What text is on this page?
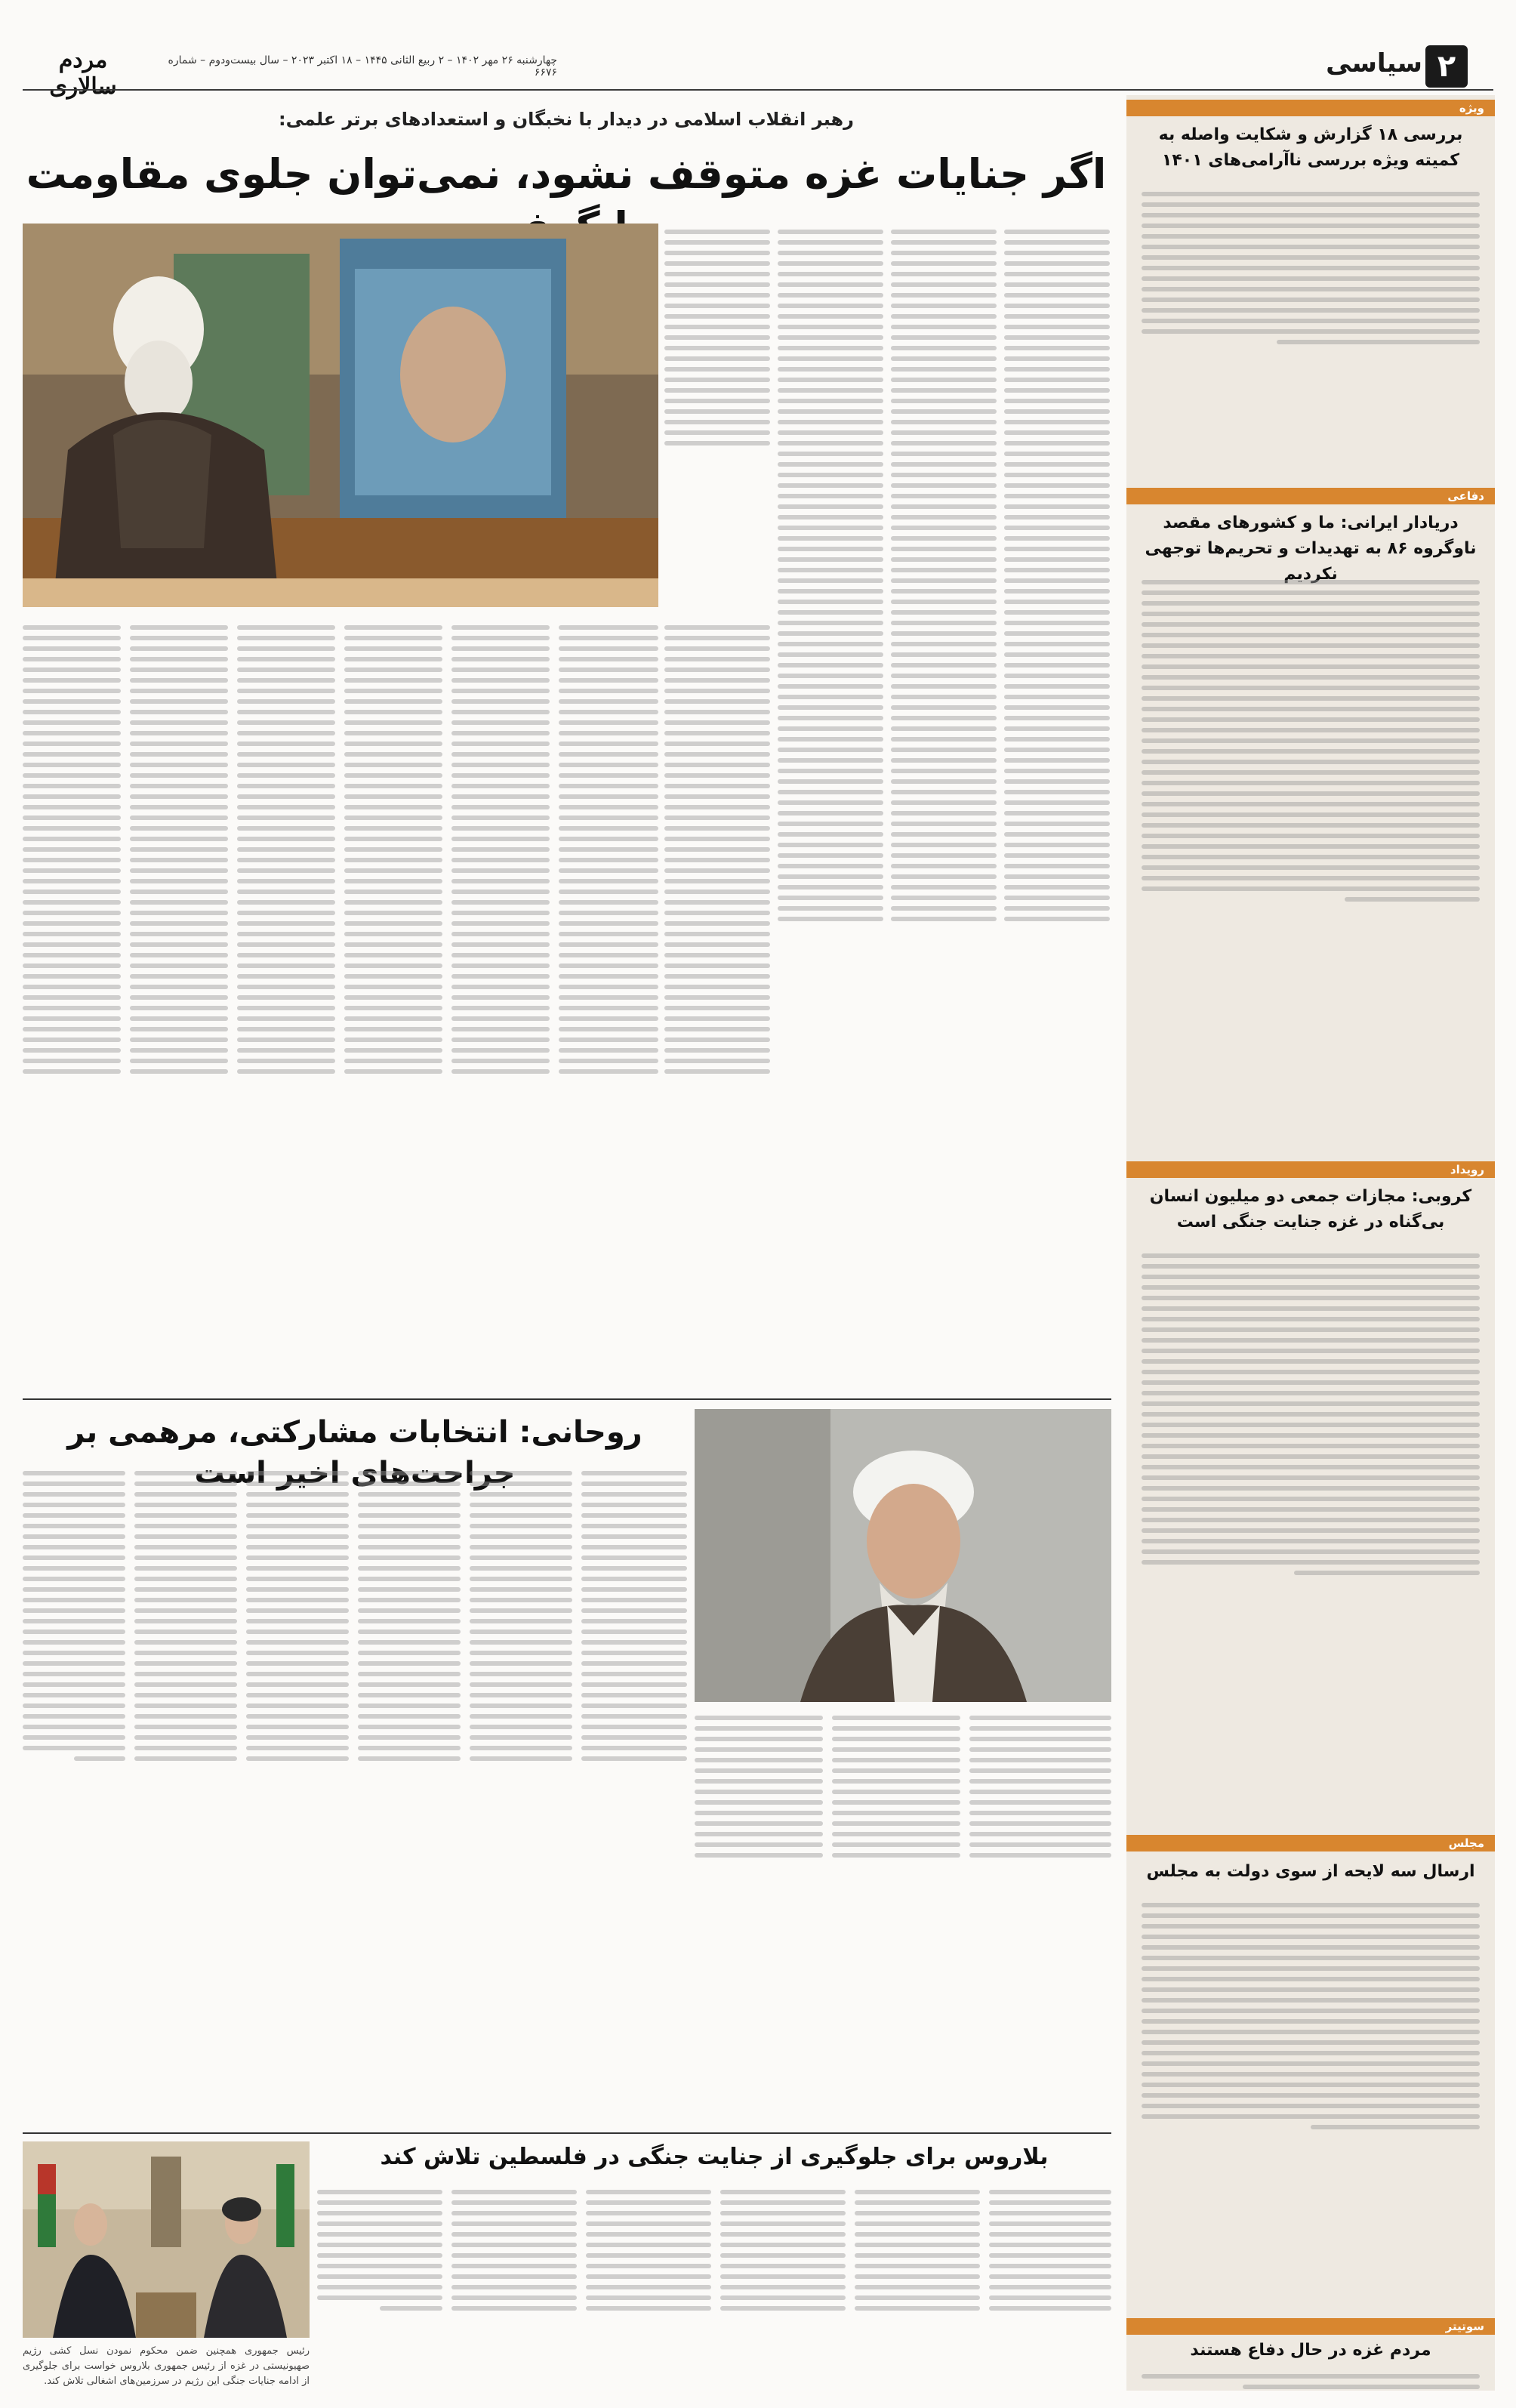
مردم سالاری
چهارشنبه ۲۶ مهر ۱۴۰۲ – ۲ ربیع الثانی ۱۴۴۵ – ۱۸ اکتبر ۲۰۲۳ – سال بیست‌ودوم – شماره ۶۶۷۶	۲
سیاسی
ویژه
بررسی ۱۸ گزارش و شکایت واصله به کمیته ویژه بررسی ناآرامی‌های ۱۴۰۱
دفاعی
دریادار ایرانی: ما و کشورهای مقصد ناوگروه ۸۶ به تهدیدات و تحریم‌ها توجهی نکردیم
رویداد
کروبی: مجازات جمعی دو میلیون انسان بی‌گناه در غزه جنایت جنگی است
مجلس
ارسال سه لایحه از سوی دولت به مجلس
سوتیتر
مردم غزه در حال دفاع هستند
رهبر انقلاب اسلامی در دیدار با نخبگان و استعدادهای برتر علمی:
اگر جنایات غزه متوقف نشود، نمی‌توان جلوی مقاومت
روحانی: انتخابات مشارکتی، مرهمی بر جراحت‌های اخیر است
رئیس جمهوری همچنین ضمن محکوم نمودن نسل کشی رژیم صهیونیستی در غزه از رئیس جمهوری بلاروس خواست برای جلوگیری از ادامه جنایات جنگی این رژیم در سرزمین‌های اشغالی تلاش کند.
بلاروس برای جلوگیری از جنایت جنگی در فلسطین تلاش کند
